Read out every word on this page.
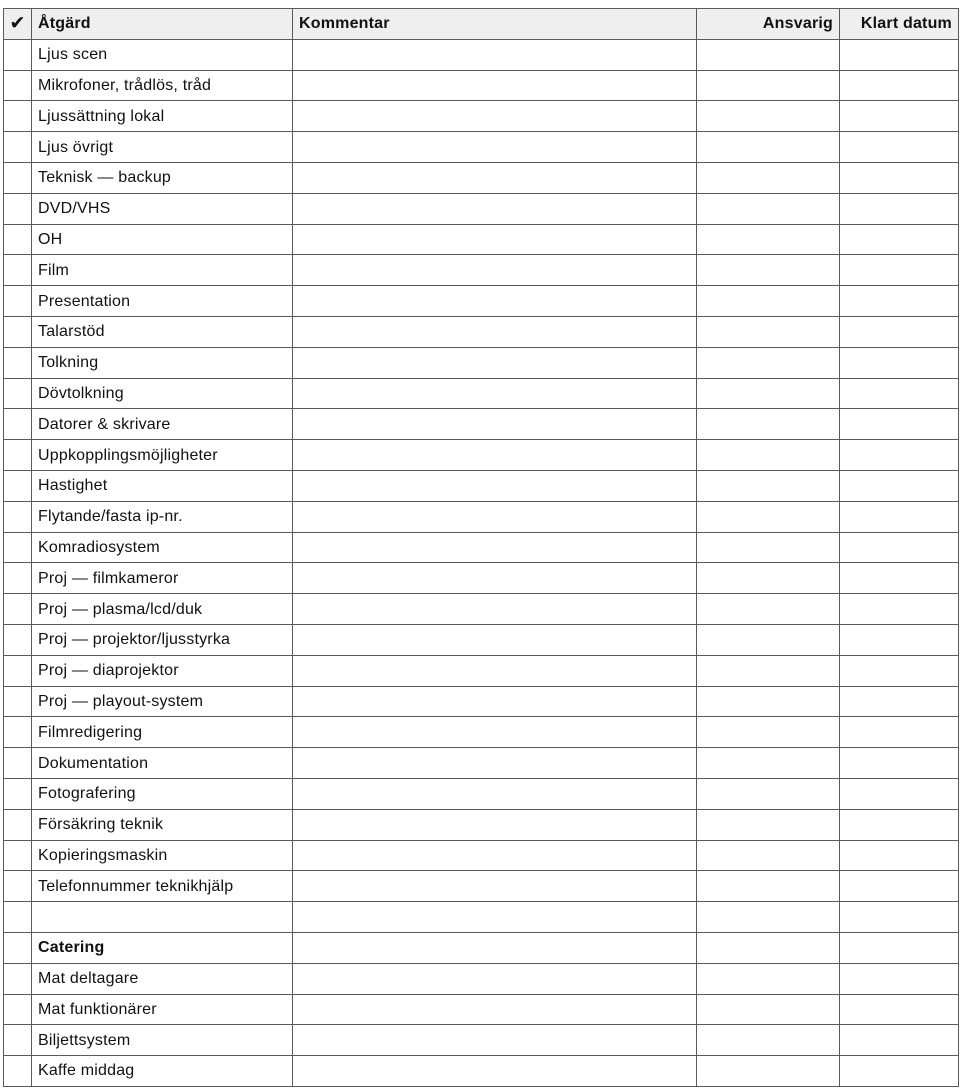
✔	Åtgärd	Kommentar	Ansvarig	Klart datum
	Ljus scen			
	Mikrofoner, trådlös, tråd			
	Ljussättning lokal			
	Ljus övrigt			
	Teknisk — backup			
	DVD/VHS			
	OH			
	Film			
	Presentation			
	Talarstöd			
	Tolkning			
	Dövtolkning			
	Datorer & skrivare			
	Uppkopplingsmöjligheter			
	Hastighet			
	Flytande/fasta ip-nr.			
	Komradiosystem			
	Proj — filmkameror			
	Proj — plasma/lcd/duk			
	Proj — projektor/ljusstyrka			
	Proj — diaprojektor			
	Proj — playout-system			
	Filmredigering			
	Dokumentation			
	Fotografering			
	Försäkring teknik			
	Kopieringsmaskin			
	Telefonnummer teknikhjälp			

	Catering			
	Mat deltagare			
	Mat funktionärer			
	Biljettsystem			
	Kaffe middag			
